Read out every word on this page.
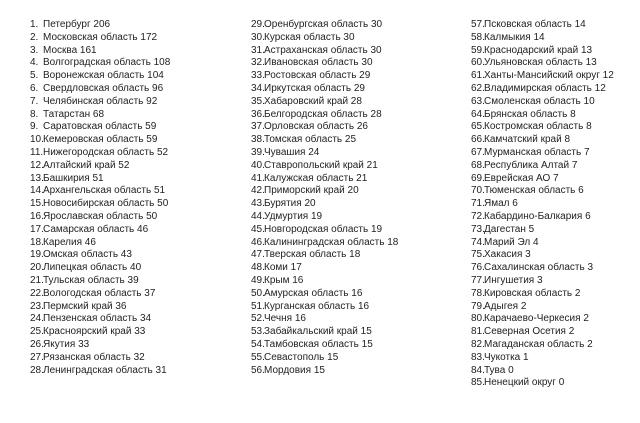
1. Петербург 206
2. Московская область 172
3. Москва 161
4. Волгоградская область 108
5. Воронежская область 104
6. Свердловская область 96
7. Челябинская область 92
8. Татарстан 68
9. Саратовская область 59
10.Кемеровская область 59
11.Нижегородская область 52
12.Алтайский край 52
13.Башкирия 51
14.Архангельская область 51
15.Новосибирская область 50
16.Ярославская область 50
17.Самарская область 46
18.Карелия 46
19.Омская область 43
20.Липецкая область 40
21.Тульская область 39
22.Вологодская область 37
23.Пермский край 36
24.Пензенская область 34
25.Красноярский край 33
26.Якутия 33
27.Рязанская область 32
28.Ленинградская область 31
29.Оренбургская область 30
30.Курская область 30
31.Астраханская область 30
32.Ивановская область 30
33.Ростовская область 29
34.Иркутская область 29
35.Хабаровский край 28
36.Белгородская область 28
37.Орловская область 26
38.Томская область 25
39.Чувашия 24
40.Ставропольский край 21
41.Калужская область 21
42.Приморский край 20
43.Бурятия 20
44.Удмуртия 19
45.Новгородская область 19
46.Калининградская область 18
47.Тверская область 18
48.Коми 17
49.Крым 16
50.Амурская область 16
51.Курганская область 16
52.Чечня 16
53.Забайкальский край 15
54.Тамбовская область 15
55.Севастополь 15
56.Мордовия 15
57.Псковская область 14
58.Калмыкия 14
59.Краснодарский край 13
60.Ульяновская область 13
61.Ханты-Мансийский округ 12
62.Владимирская область 12
63.Смоленская область 10
64.Брянская область 8
65.Костромская область 8
66.Камчатский край 8
67.Мурманская область 7
68.Республика Алтай 7
69.Еврейская АО 7
70.Тюменская область 6
71.Ямал 6
72.Кабардино-Балкария 6
73.Дагестан 5
74.Марий Эл 4
75.Хакасия 3
76.Сахалинская область 3
77.Ингушетия 3
78.Кировская область 2
79.Адыгея 2
80.Карачаево-Черкесия 2
81.Северная Осетия 2
82.Магаданская область 2
83.Чукотка 1
84.Тува 0
85.Ненецкий округ 0
